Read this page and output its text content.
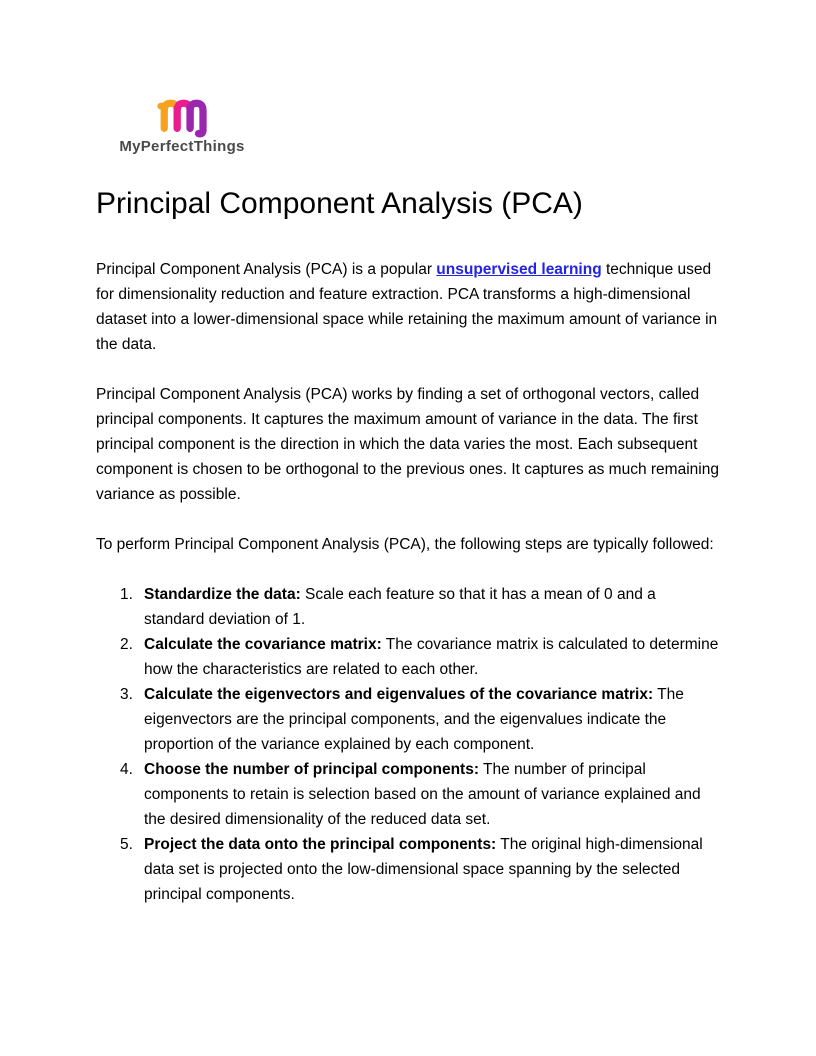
MyPerfectThings
Principal Component Analysis (PCA)

Principal Component Analysis (PCA) is a popular unsupervised learning technique used for dimensionality reduction and feature extraction. PCA transforms a high-dimensional dataset into a lower-dimensional space while retaining the maximum amount of variance in the data.

Principal Component Analysis (PCA) works by finding a set of orthogonal vectors, called principal components. It captures the maximum amount of variance in the data. The first principal component is the direction in which the data varies the most. Each subsequent component is chosen to be orthogonal to the previous ones. It captures as much remaining variance as possible.

To perform Principal Component Analysis (PCA), the following steps are typically followed:

1. Standardize the data: Scale each feature so that it has a mean of 0 and a standard deviation of 1.
2. Calculate the covariance matrix: The covariance matrix is calculated to determine how the characteristics are related to each other.
3. Calculate the eigenvectors and eigenvalues of the covariance matrix: The eigenvectors are the principal components, and the eigenvalues indicate the proportion of the variance explained by each component.
4. Choose the number of principal components: The number of principal components to retain is selection based on the amount of variance explained and the desired dimensionality of the reduced data set.
5. Project the data onto the principal components: The original high-dimensional data set is projected onto the low-dimensional space spanning by the selected principal components.
